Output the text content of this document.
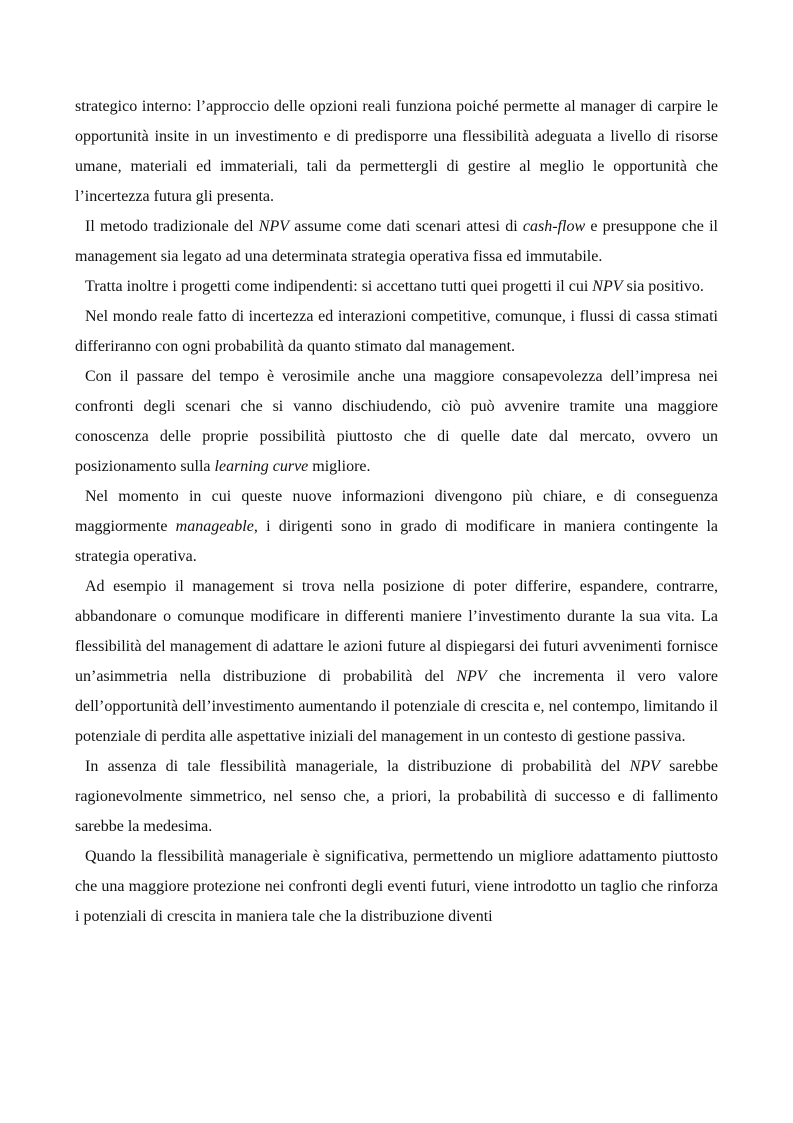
strategico interno: l’approccio delle opzioni reali funziona poiché permette al manager di carpire le opportunità insite in un investimento e di predisporre una flessibilità adeguata a livello di risorse umane, materiali ed immateriali, tali da permettergli di gestire al meglio le opportunità che l’incertezza futura gli presenta.

Il metodo tradizionale del NPV assume come dati scenari attesi di cash-flow e presuppone che il management sia legato ad una determinata strategia operativa fissa ed immutabile.

Tratta inoltre i progetti come indipendenti: si accettano tutti quei progetti il cui NPV sia positivo.

Nel mondo reale fatto di incertezza ed interazioni competitive, comunque, i flussi di cassa stimati differiranno con ogni probabilità da quanto stimato dal management.

Con il passare del tempo è verosimile anche una maggiore consapevolezza dell’impresa nei confronti degli scenari che si vanno dischiudendo, ciò può avvenire tramite una maggiore conoscenza delle proprie possibilità piuttosto che di quelle date dal mercato, ovvero un posizionamento sulla learning curve migliore.

Nel momento in cui queste nuove informazioni divengono più chiare, e di conseguenza maggiormente manageable, i dirigenti sono in grado di modificare in maniera contingente la strategia operativa.

Ad esempio il management si trova nella posizione di poter differire, espandere, contrarre, abbandonare o comunque modificare in differenti maniere l’investimento durante la sua vita. La flessibilità del management di adattare le azioni future al dispiegarsi dei futuri avvenimenti fornisce un’asimmetria nella distribuzione di probabilità del NPV che incrementa il vero valore dell’opportunità dell’investimento aumentando il potenziale di crescita e, nel contempo, limitando il potenziale di perdita alle aspettative iniziali del management in un contesto di gestione passiva.

In assenza di tale flessibilità manageriale, la distribuzione di probabilità del NPV sarebbe ragionevolmente simmetrico, nel senso che, a priori, la probabilità di successo e di fallimento sarebbe la medesima.

Quando la flessibilità manageriale è significativa, permettendo un migliore adattamento piuttosto che una maggiore protezione nei confronti degli eventi futuri, viene introdotto un taglio che rinforza i potenziali di crescita in maniera tale che la distribuzione diventi
